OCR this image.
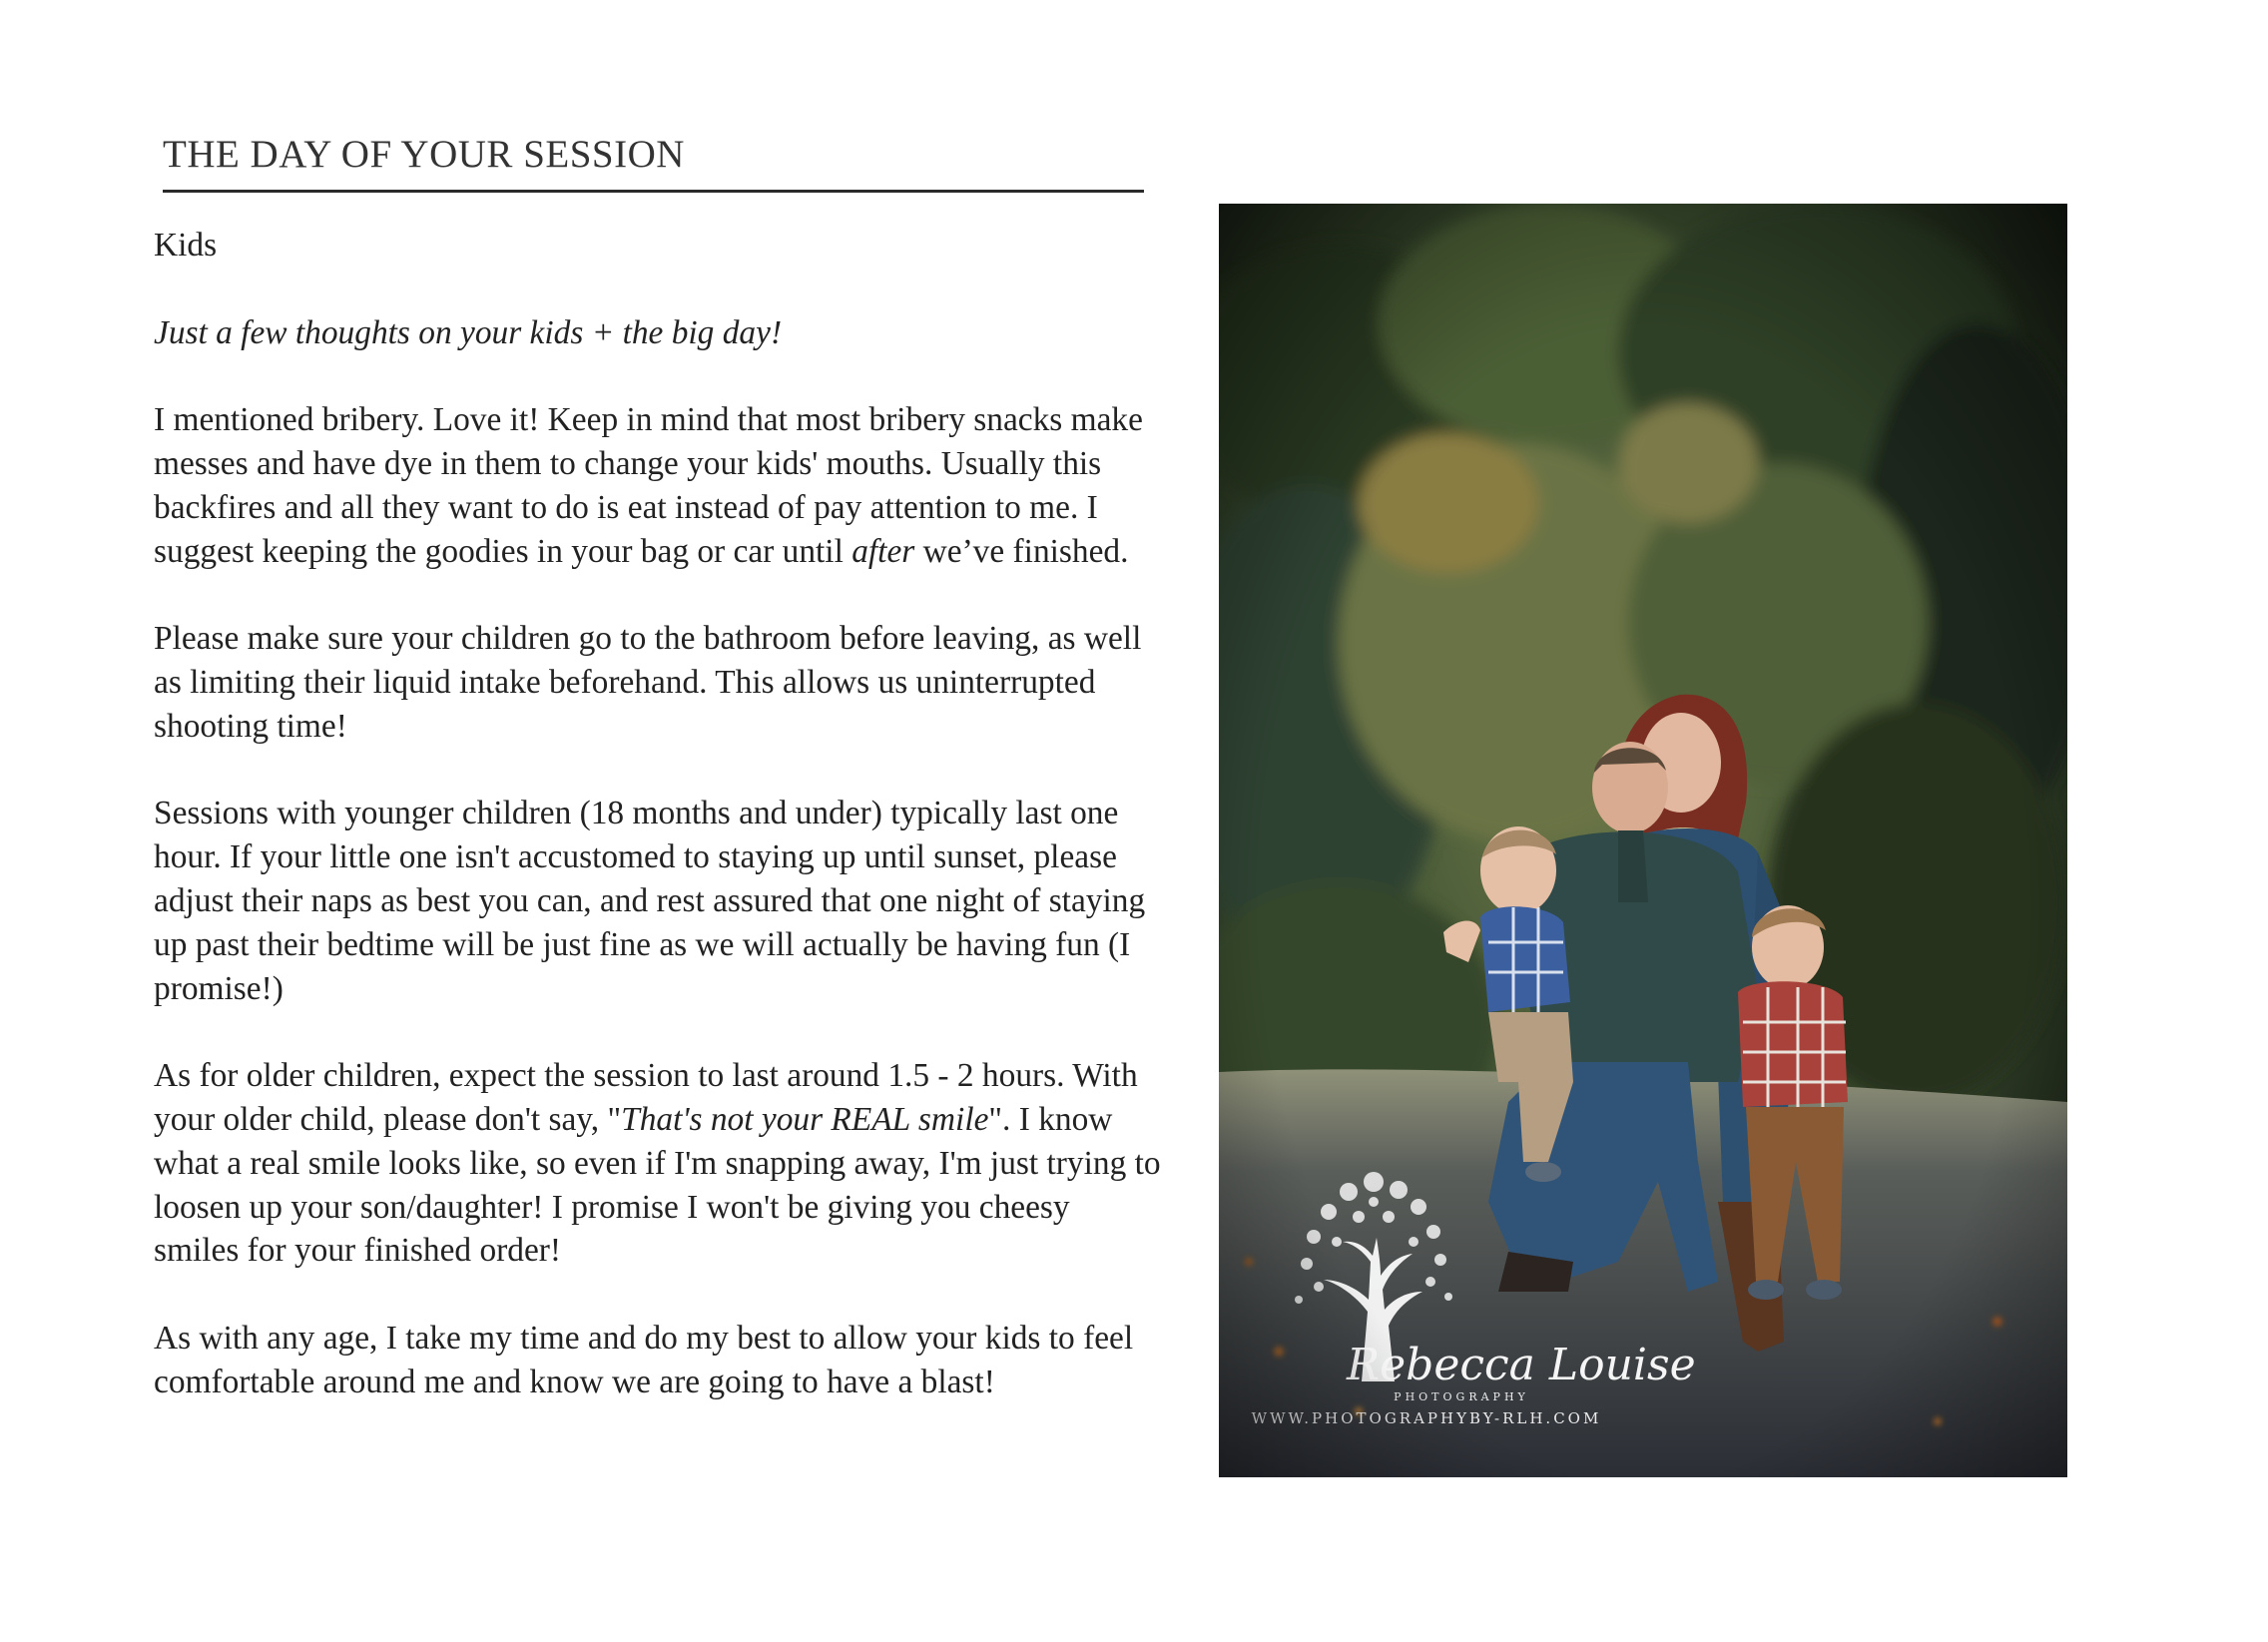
THE DAY OF YOUR SESSION

Kids

Just a few thoughts on your kids + the big day!

I mentioned bribery. Love it! Keep in mind that most bribery snacks make messes and have dye in them to change your kids' mouths. Usually this backfires and all they want to do is eat instead of pay attention to me. I suggest keeping the goodies in your bag or car until after we’ve finished.

Please make sure your children go to the bathroom before leaving, as well as limiting their liquid intake beforehand. This allows us uninterrupted shooting time!

Sessions with younger children (18 months and under) typically last one hour. If your little one isn't accustomed to staying up until sunset, please adjust their naps as best you can, and rest assured that one night of staying up past their bedtime will be just fine as we will actually be having fun (I promise!)

As for older children, expect the session to last around 1.5 - 2 hours. With your older child, please don't say, "That's not your REAL smile". I know what a real smile looks like, so even if I'm snapping away, I'm just trying to loosen up your son/daughter! I promise I won't be giving you cheesy smiles for your finished order!

As with any age, I take my time and do my best to allow your kids to feel comfortable around me and know we are going to have a blast!
